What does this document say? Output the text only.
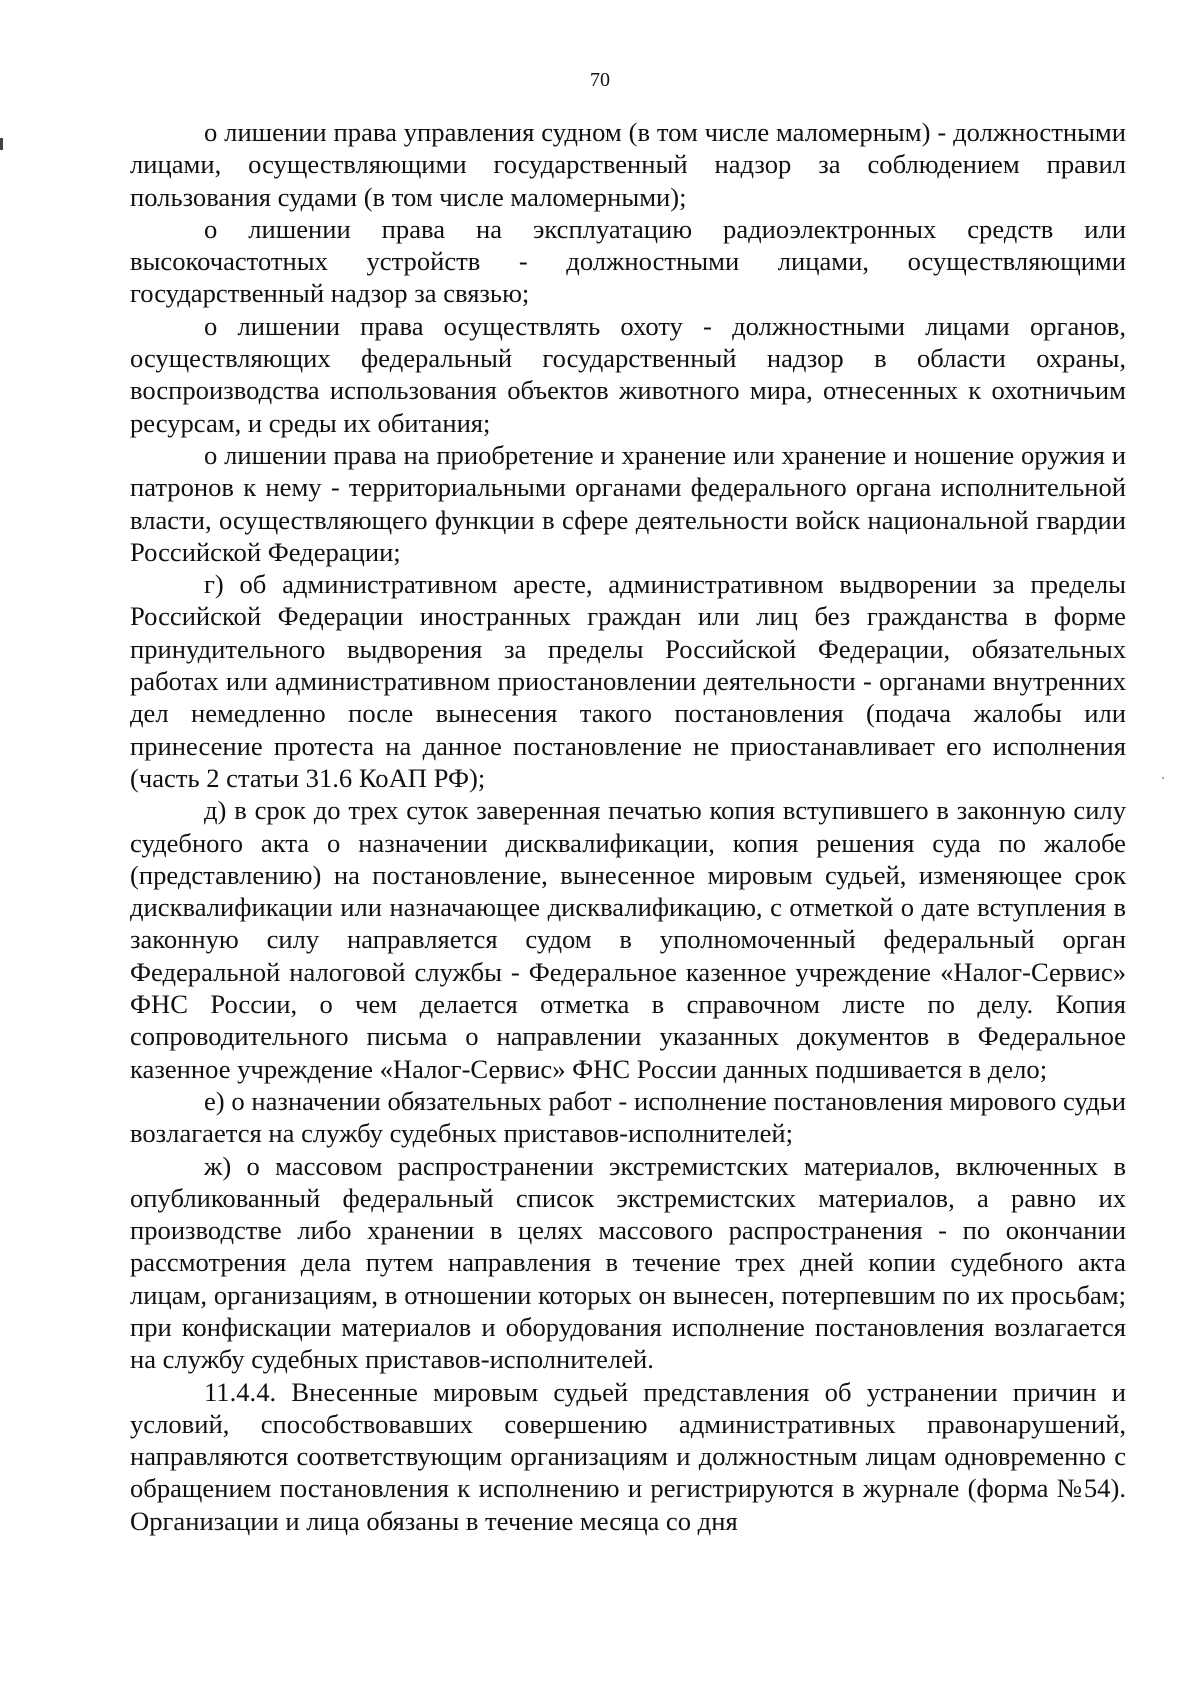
70

о лишении права управления судном (в том числе маломерным) - должностными лицами, осуществляющими государственный надзор за соблюдением правил пользования судами (в том числе маломерными);

о лишении права на эксплуатацию радиоэлектронных средств или высокочастотных устройств - должностными лицами, осуществляющими государственный надзор за связью;

о лишении права осуществлять охоту - должностными лицами органов, осуществляющих федеральный государственный надзор в области охраны, воспроизводства использования объектов животного мира, отнесенных к охотничьим ресурсам, и среды их обитания;

о лишении права на приобретение и хранение или хранение и ношение оружия и патронов к нему - территориальными органами федерального органа исполнительной власти, осуществляющего функции в сфере деятельности войск национальной гвардии Российской Федерации;

г) об административном аресте, административном выдворении за пределы Российской Федерации иностранных граждан или лиц без гражданства в форме принудительного выдворения за пределы Российской Федерации, обязательных работах или административном приостановлении деятельности - органами внутренних дел немедленно после вынесения такого постановления (подача жалобы или принесение протеста на данное постановление не приостанавливает его исполнения (часть 2 статьи 31.6 КоАП РФ);

д) в срок до трех суток заверенная печатью копия вступившего в законную силу судебного акта о назначении дисквалификации, копия решения суда по жалобе (представлению) на постановление, вынесенное мировым судьей, изменяющее срок дисквалификации или назначающее дисквалификацию, с отметкой о дате вступления в законную силу направляется судом в уполномоченный федеральный орган Федеральной налоговой службы - Федеральное казенное учреждение «Налог-Сервис» ФНС России, о чем делается отметка в справочном листе по делу. Копия сопроводительного письма о направлении указанных документов в Федеральное казенное учреждение «Налог-Сервис» ФНС России данных подшивается в дело;

е) о назначении обязательных работ - исполнение постановления мирового судьи возлагается на службу судебных приставов-исполнителей;

ж) о массовом распространении экстремистских материалов, включенных в опубликованный федеральный список экстремистских материалов, а равно их производстве либо хранении в целях массового распространения - по окончании рассмотрения дела путем направления в течение трех дней копии судебного акта лицам, организациям, в отношении которых он вынесен, потерпевшим по их просьбам; при конфискации материалов и оборудования исполнение постановления возлагается на службу судебных приставов-исполнителей.

11.4.4. Внесенные мировым судьей представления об устранении причин и условий, способствовавших совершению административных правонарушений, направляются соответствующим организациям и должностным лицам одновременно с обращением постановления к исполнению и регистрируются в журнале (форма №54). Организации и лица обязаны в течение месяца со дня
